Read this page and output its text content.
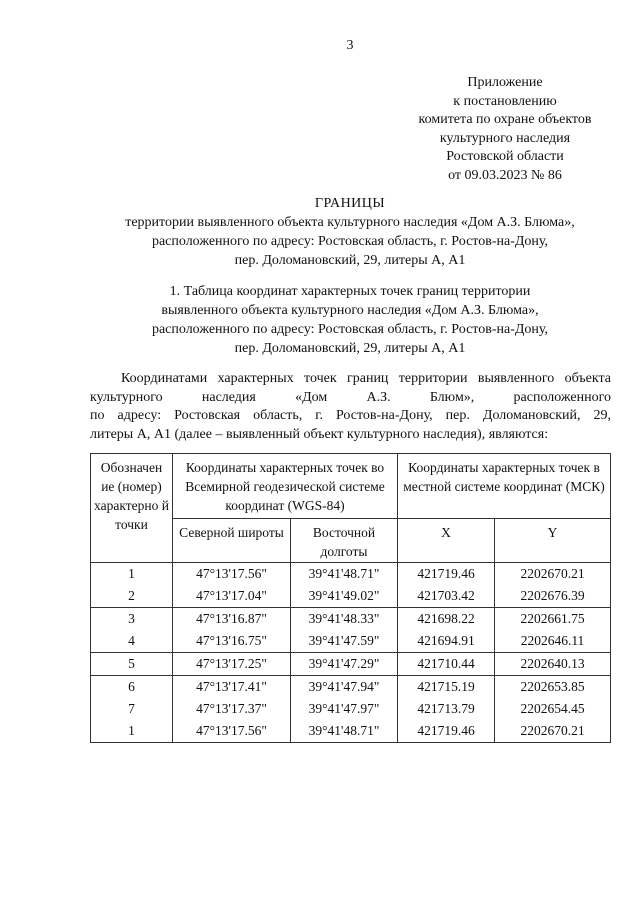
3
Приложение
к постановлению
комитета по охране объектов
культурного наследия
Ростовской области
от 09.03.2023 № 86
ГРАНИЦЫ
территории выявленного объекта культурного наследия «Дом А.З. Блюма»,
расположенного по адресу: Ростовская область, г. Ростов-на-Дону,
пер. Доломановский, 29, литеры А, А1
1. Таблица координат характерных точек границ территории
выявленного объекта культурного наследия «Дом А.З. Блюма»,
расположенного по адресу: Ростовская область, г. Ростов-на-Дону,
пер. Доломановский, 29, литеры А, А1
Координатами характерных точек границ территории выявленного объекта
культурного наследия «Дом А.З. Блюм», расположенного
по адресу: Ростовская область, г. Ростов-на-Дону, пер. Доломановский, 29,
литеры А, А1 (далее – выявленный объект культурного наследия), являются:
Обозначен ие (номер) характерно й точки	Координаты характерных точек во Всемирной геодезической системе координат (WGS-84)		Координаты характерных точек в местной системе координат (МСК)	
	Северной широты	Восточной долготы	X	Y
1	47°13'17.56"	39°41'48.71"	421719.46	2202670.21
2	47°13'17.04"	39°41'49.02"	421703.42	2202676.39
3	47°13'16.87"	39°41'48.33"	421698.22	2202661.75
4	47°13'16.75"	39°41'47.59"	421694.91	2202646.11
5	47°13'17.25"	39°41'47.29"	421710.44	2202640.13
6	47°13'17.41"	39°41'47.94"	421715.19	2202653.85
7	47°13'17.37"	39°41'47.97"	421713.79	2202654.45
1	47°13'17.56"	39°41'48.71"	421719.46	2202670.21
